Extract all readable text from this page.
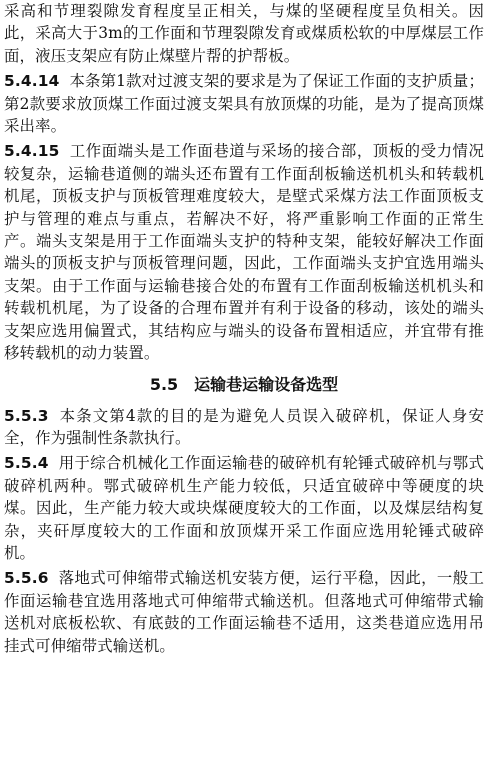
采高和节理裂隙发育程度呈正相关，与煤的坚硬程度呈负相关。因此，采高大于3m的工作面和节理裂隙发育或煤质松软的中厚煤层工作面，液压支架应有防止煤壁片帮的护帮板。

5.4.14 本条第1款对过渡支架的要求是为了保证工作面的支护质量；第2款要求放顶煤工作面过渡支架具有放顶煤的功能，是为了提高顶煤采出率。

5.4.15 工作面端头是工作面巷道与采场的接合部，顶板的受力情况较复杂，运输巷道侧的端头还布置有工作面刮板输送机机头和转载机机尾，顶板支护与顶板管理难度较大，是壁式采煤方法工作面顶板支护与管理的难点与重点，若解决不好，将严重影响工作面的正常生产。端头支架是用于工作面端头支护的特种支架，能较好解决工作面端头的顶板支护与顶板管理问题，因此，工作面端头支护宜选用端头支架。由于工作面与运输巷接合处的布置有工作面刮板输送机机头和转载机机尾，为了设备的合理布置并有利于设备的移动，该处的端头支架应选用偏置式，其结构应与端头的设备布置相适应，并宜带有推移转载机的动力装置。

5.5 运输巷运输设备选型

5.5.3 本条文第4款的目的是为避免人员误入破碎机，保证人身安全，作为强制性条款执行。

5.5.4 用于综合机械化工作面运输巷的破碎机有轮锤式破碎机与鄂式破碎机两种。鄂式破碎机生产能力较低，只适宜破碎中等硬度的块煤。因此，生产能力较大或块煤硬度较大的工作面，以及煤层结构复杂，夹矸厚度较大的工作面和放顶煤开采工作面应选用轮锤式破碎机。

5.5.6 落地式可伸缩带式输送机安装方便，运行平稳，因此，一般工作面运输巷宜选用落地式可伸缩带式输送机。但落地式可伸缩带式输送机对底板松软、有底鼓的工作面运输巷不适用，这类巷道应选用吊挂式可伸缩带式输送机。
